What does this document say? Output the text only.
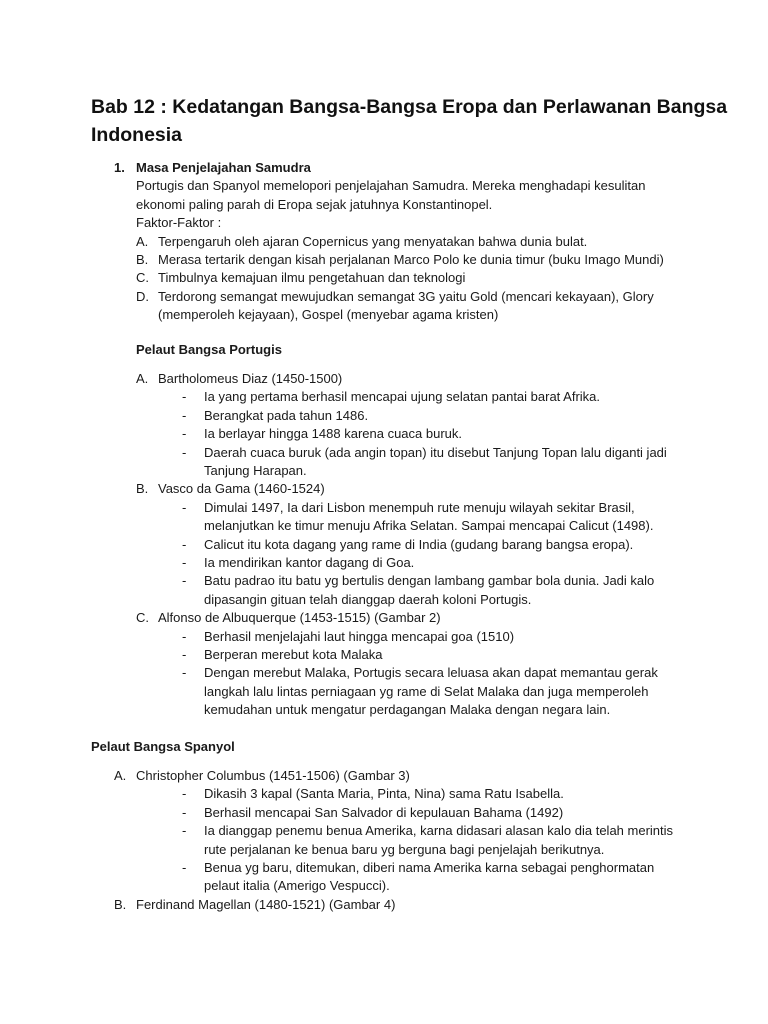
Bab 12 : Kedatangan Bangsa-Bangsa Eropa dan Perlawanan Bangsa Indonesia
1. Masa Penjelajahan Samudra
Portugis dan Spanyol memelopori penjelajahan Samudra. Mereka menghadapi kesulitan
ekonomi paling parah di Eropa sejak jatuhnya Konstantinopel.
Faktor-Faktor :
A. Terpengaruh oleh ajaran Copernicus yang menyatakan bahwa dunia bulat.
B. Merasa tertarik dengan kisah perjalanan Marco Polo ke dunia timur (buku Imago Mundi)
C. Timbulnya kemajuan ilmu pengetahuan dan teknologi
D. Terdorong semangat mewujudkan semangat 3G yaitu Gold (mencari kekayaan), Glory
(memperoleh kejayaan), Gospel (menyebar agama kristen)
Pelaut Bangsa Portugis
A. Bartholomeus Diaz (1450-1500)
- Ia yang pertama berhasil mencapai ujung selatan pantai barat Afrika.
- Berangkat pada tahun 1486.
- Ia berlayar hingga 1488 karena cuaca buruk.
- Daerah cuaca buruk (ada angin topan) itu disebut Tanjung Topan lalu diganti jadi
Tanjung Harapan.
B. Vasco da Gama (1460-1524)
- Dimulai 1497, Ia dari Lisbon menempuh rute menuju wilayah sekitar Brasil,
melanjutkan ke timur menuju Afrika Selatan. Sampai mencapai Calicut (1498).
- Calicut itu kota dagang yang rame di India (gudang barang bangsa eropa).
- Ia mendirikan kantor dagang di Goa.
- Batu padrao itu batu yg bertulis dengan lambang gambar bola dunia. Jadi kalo
dipasangin gituan telah dianggap daerah koloni Portugis.
C. Alfonso de Albuquerque (1453-1515) (Gambar 2)
- Berhasil menjelajahi laut hingga mencapai goa (1510)
- Berperan merebut kota Malaka
- Dengan merebut Malaka, Portugis secara leluasa akan dapat memantau gerak
langkah lalu lintas perniagaan yg rame di Selat Malaka dan juga memperoleh
kemudahan untuk mengatur perdagangan Malaka dengan negara lain.
Pelaut Bangsa Spanyol
A. Christopher Columbus (1451-1506) (Gambar 3)
- Dikasih 3 kapal (Santa Maria, Pinta, Nina) sama Ratu Isabella.
- Berhasil mencapai San Salvador di kepulauan Bahama (1492)
- Ia dianggap penemu benua Amerika, karna didasari alasan kalo dia telah merintis
rute perjalanan ke benua baru yg berguna bagi penjelajah berikutnya.
- Benua yg baru, ditemukan, diberi nama Amerika karna sebagai penghormatan
pelaut italia (Amerigo Vespucci).
B. Ferdinand Magellan (1480-1521) (Gambar 4)
